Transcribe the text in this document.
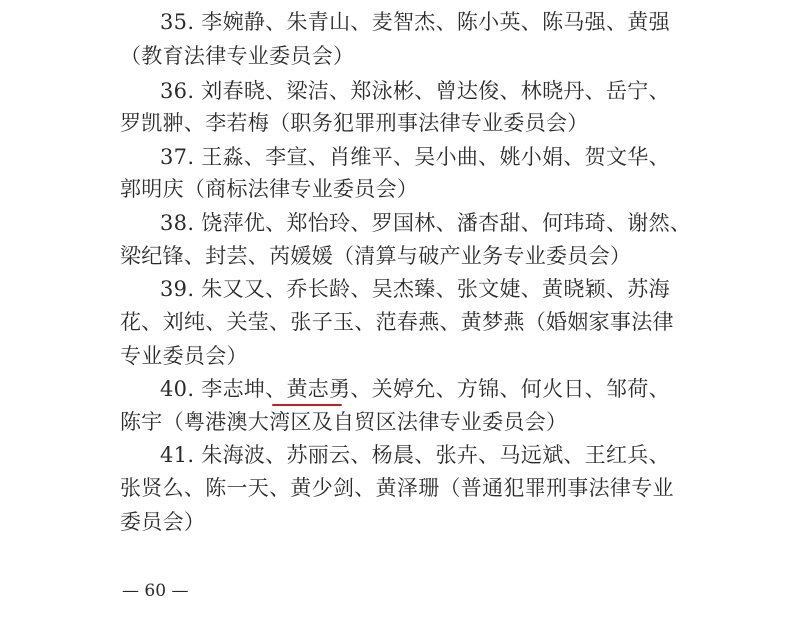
35. 李婉静、朱青山、麦智杰、陈小英、陈马强、黄强
（教育法律专业委员会）
36. 刘春晓、梁洁、郑泳彬、曾达俊、林晓丹、岳宁、
罗凯翀、李若梅（职务犯罪刑事法律专业委员会）
37. 王淼、李宣、肖维平、吴小曲、姚小娟、贺文华、
郭明庆（商标法律专业委员会）
38. 饶萍优、郑怡玲、罗国林、潘杏甜、何玮琦、谢然、
梁纪锋、封芸、芮媛媛（清算与破产业务专业委员会）
39. 朱又又、乔长龄、吴杰臻、张文婕、黄晓颖、苏海
花、刘纯、关莹、张子玉、范春燕、黄梦燕（婚姻家事法律
专业委员会）
40. 李志坤、黄志勇、关婷允、方锦、何火日、邹荷、
陈宇（粤港澳大湾区及自贸区法律专业委员会）
41. 朱海波、苏丽云、杨晨、张卉、马远斌、王红兵、
张贤么、陈一天、黄少剑、黄泽珊（普通犯罪刑事法律专业
委员会）
— 60 —
